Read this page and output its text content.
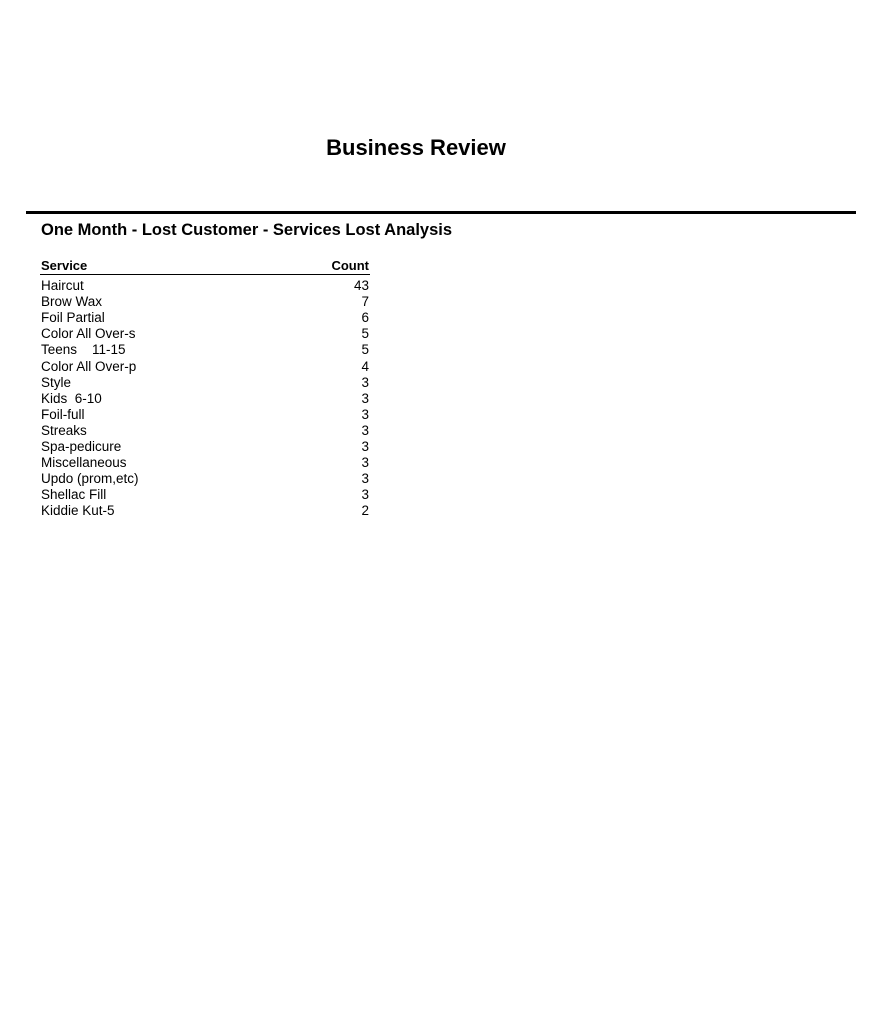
Business Review
One Month - Lost Customer - Services Lost Analysis
Service	Count

Haircut	43
Brow Wax	7
Foil Partial	6
Color All Over-s	5
Teens    11-15	5
Color All Over-p	4
Style	3
Kids  6-10	3
Foil-full	3
Streaks	3
Spa-pedicure	3
Miscellaneous	3
Updo (prom,etc)	3
Shellac Fill	3
Kiddie Kut-5	2
